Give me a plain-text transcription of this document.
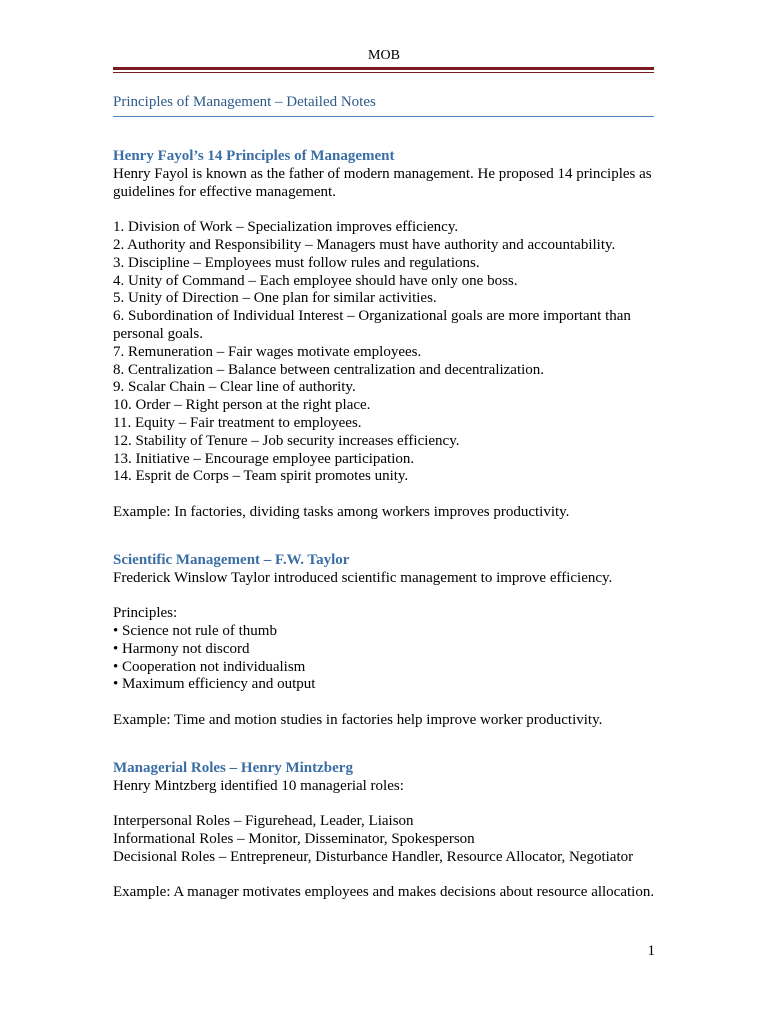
MOB
Principles of Management – Detailed Notes

Henry Fayol’s 14 Principles of Management

Henry Fayol is known as the father of modern management. He proposed 14 principles as guidelines for effective management.

1. Division of Work – Specialization improves efficiency.

2. Authority and Responsibility – Managers must have authority and accountability.

3. Discipline – Employees must follow rules and regulations.

4. Unity of Command – Each employee should have only one boss.

5. Unity of Direction – One plan for similar activities.

6. Subordination of Individual Interest – Organizational goals are more important than personal goals.

7. Remuneration – Fair wages motivate employees.

8. Centralization – Balance between centralization and decentralization.

9. Scalar Chain – Clear line of authority.

10. Order – Right person at the right place.

11. Equity – Fair treatment to employees.

12. Stability of Tenure – Job security increases efficiency.

13. Initiative – Encourage employee participation.

14. Esprit de Corps – Team spirit promotes unity.

Example: In factories, dividing tasks among workers improves productivity.

Scientific Management – F.W. Taylor

Frederick Winslow Taylor introduced scientific management to improve efficiency.

Principles:

• Science not rule of thumb

• Harmony not discord

• Cooperation not individualism

• Maximum efficiency and output

Example: Time and motion studies in factories help improve worker productivity.

Managerial Roles – Henry Mintzberg

Henry Mintzberg identified 10 managerial roles:

Interpersonal Roles – Figurehead, Leader, Liaison

Informational Roles – Monitor, Disseminator, Spokesperson

Decisional Roles – Entrepreneur, Disturbance Handler, Resource Allocator, Negotiator

Example: A manager motivates employees and makes decisions about resource allocation.

1
